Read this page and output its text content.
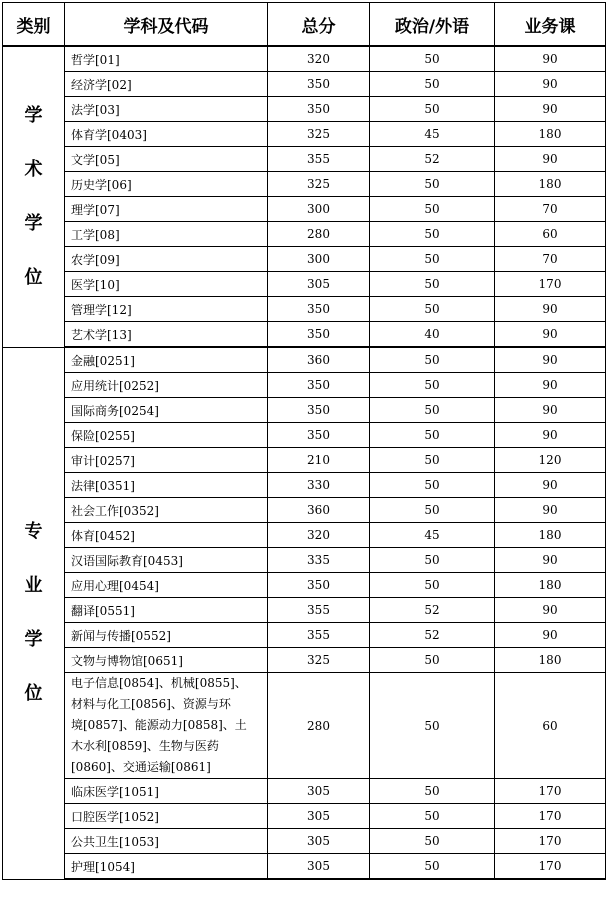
类别	学科及代码	总分	政治/外语	业务课

学
术
学
位	哲学[01]	320	50	90
	经济学[02]	350	50	90
	法学[03]	350	50	90
	体育学[0403]	325	45	180
	文学[05]	355	52	90
	历史学[06]	325	50	180
	理学[07]	300	50	70
	工学[08]	280	50	60
	农学[09]	300	50	70
	医学[10]	305	50	170
	管理学[12]	350	50	90
	艺术学[13]	350	40	90

专
业
学
位	金融[0251]	360	50	90
	应用统计[0252]	350	50	90
	国际商务[0254]	350	50	90
	保险[0255]	350	50	90
	审计[0257]	210	50	120
	法律[0351]	330	50	90
	社会工作[0352]	360	50	90
	体育[0452]	320	45	180
	汉语国际教育[0453]	335	50	90
	应用心理[0454]	350	50	180
	翻译[0551]	355	52	90
	新闻与传播[0552]	355	52	90
	文物与博物馆[0651]	325	50	180

	电子信息[0854]、机械[0855]、
材料与化工[0856]、资源与环
境[0857]、能源动力[0858]、土
木水利[0859]、生物与医药
[0860]、交通运输[0861]	280	50	60
	临床医学[1051]	305	50	170
	口腔医学[1052]	305	50	170
	公共卫生[1053]	305	50	170
	护理[1054]	305	50	170
